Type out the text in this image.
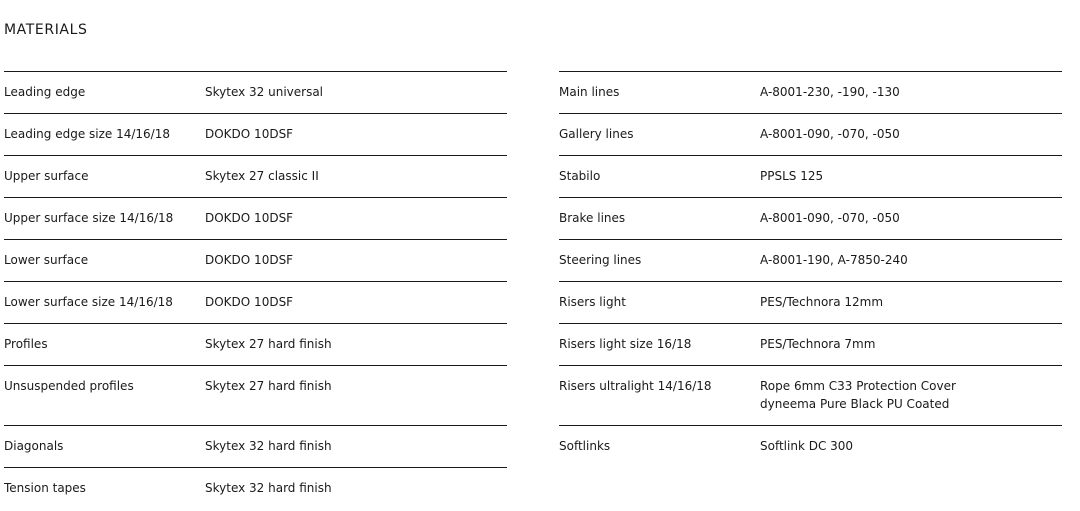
MATERIALS
Leading edge	Skytex 32 universal
Leading edge size 14/16/18	DOKDO 10DSF
Upper surface	Skytex 27 classic II
Upper surface size 14/16/18	DOKDO 10DSF
Lower surface	DOKDO 10DSF
Lower surface size 14/16/18	DOKDO 10DSF
Profiles	Skytex 27 hard finish
Unsuspended profiles	Skytex 27 hard finish
Diagonals	Skytex 32 hard finish
Tension tapes	Skytex 32 hard finish
Main lines	A-8001-230, -190, -130
Gallery lines	A-8001-090, -070, -050
Stabilo	PPSLS 125
Brake lines	A-8001-090, -070, -050
Steering lines	A-8001-190, A-7850-240
Risers light	PES/Technora 12mm
Risers light size 16/18	PES/Technora 7mm
Risers ultralight 14/16/18	Rope 6mm C33 Protection Cover dyneema Pure Black PU Coated
Softlinks	Softlink DC 300
